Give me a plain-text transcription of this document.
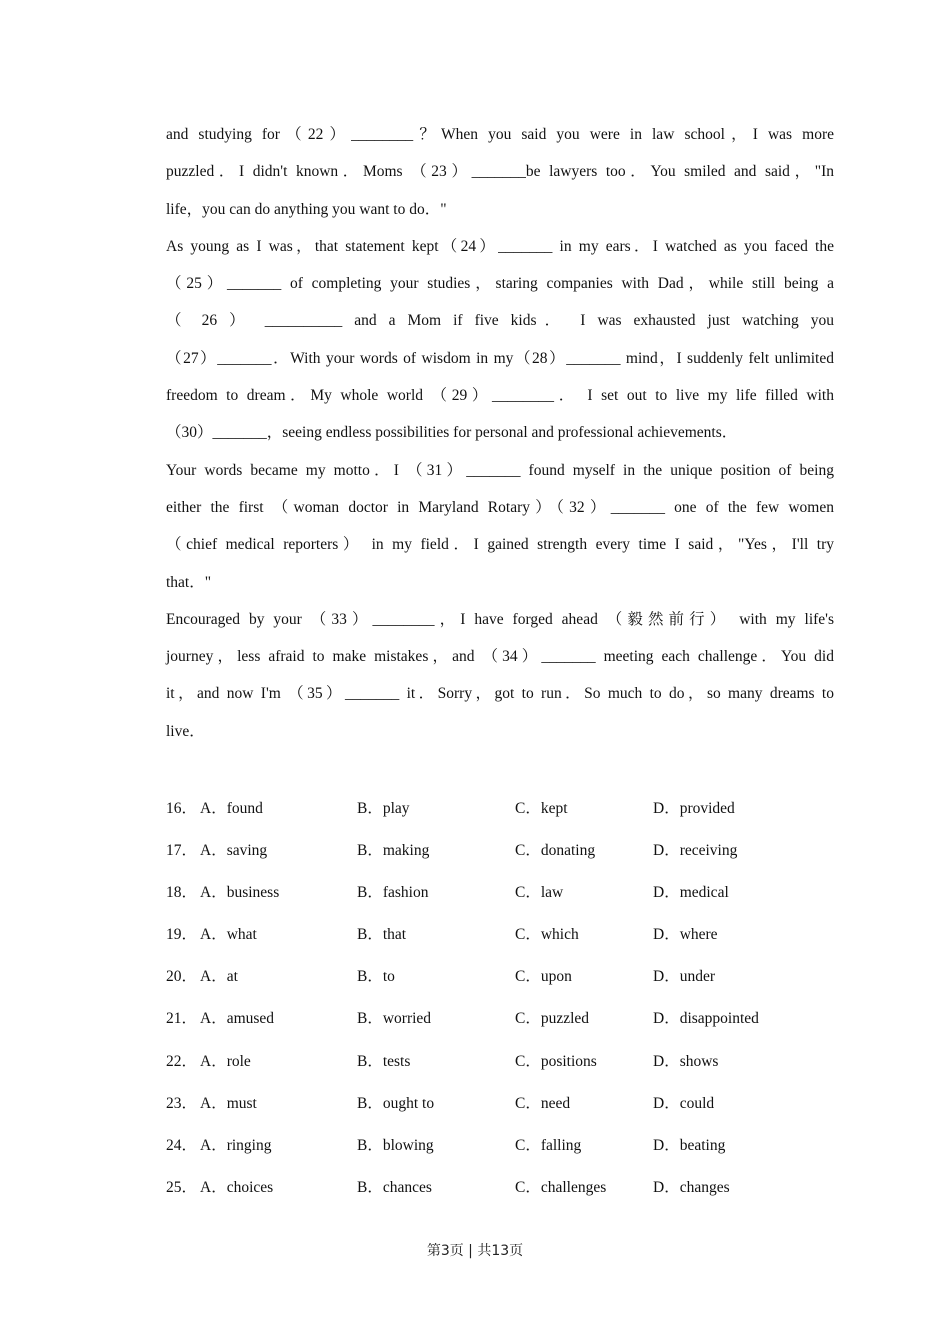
and studying for（22）________？When you said you were in law school，I was more
puzzled．I didn't known．Moms （23）_______be lawyers too．You smiled and said，"In
life，you can do anything you want to do．"
As young as I was，that statement kept（24）_______ in my ears．I watched as you faced the
（25）_______ of completing your studies，staring companies with Dad，while still being a
（ 26 ） __________ and a Mom if five kids． I was exhausted just watching you
（27）_______．With your words of wisdom in my（28）_______ mind，I suddenly felt unlimited
freedom to dream．My whole world （29）________． I set out to live my life filled with
（30）_______，seeing endless possibilities for personal and professional achievements．
Your words became my motto．I （31）_______ found myself in the unique position of being
either the first （woman doctor in Maryland Rotary）（32）_______ one of the few women
（chief medical reporters） in my field．I gained strength every time I said，"Yes，I'll try
that．"
Encouraged by your （33）________，I have forged ahead （毅然前行） with my life's
journey，less afraid to make mistakes，and （34）_______ meeting each challenge．You did
it，and now I'm （35）_______ it．Sorry，got to run．So much to do，so many dreams to
live．
16． A．found	B．play	C．kept	D．provided
17． A．saving	B．making	C．donating	D．receiving
18． A．business	B．fashion	C．law	D．medical
19． A．what	B．that	C．which	D．where
20． A．at	B．to	C．upon	D．under
21． A．amused	B．worried	C．puzzled	D．disappointed
22． A．role	B．tests	C．positions	D．shows
23． A．must	B．ought to	C．need	D．could
24． A．ringing	B．blowing	C．falling	D．beating
25． A．choices	B．chances	C．challenges	D．changes
第3页 | 共13页
